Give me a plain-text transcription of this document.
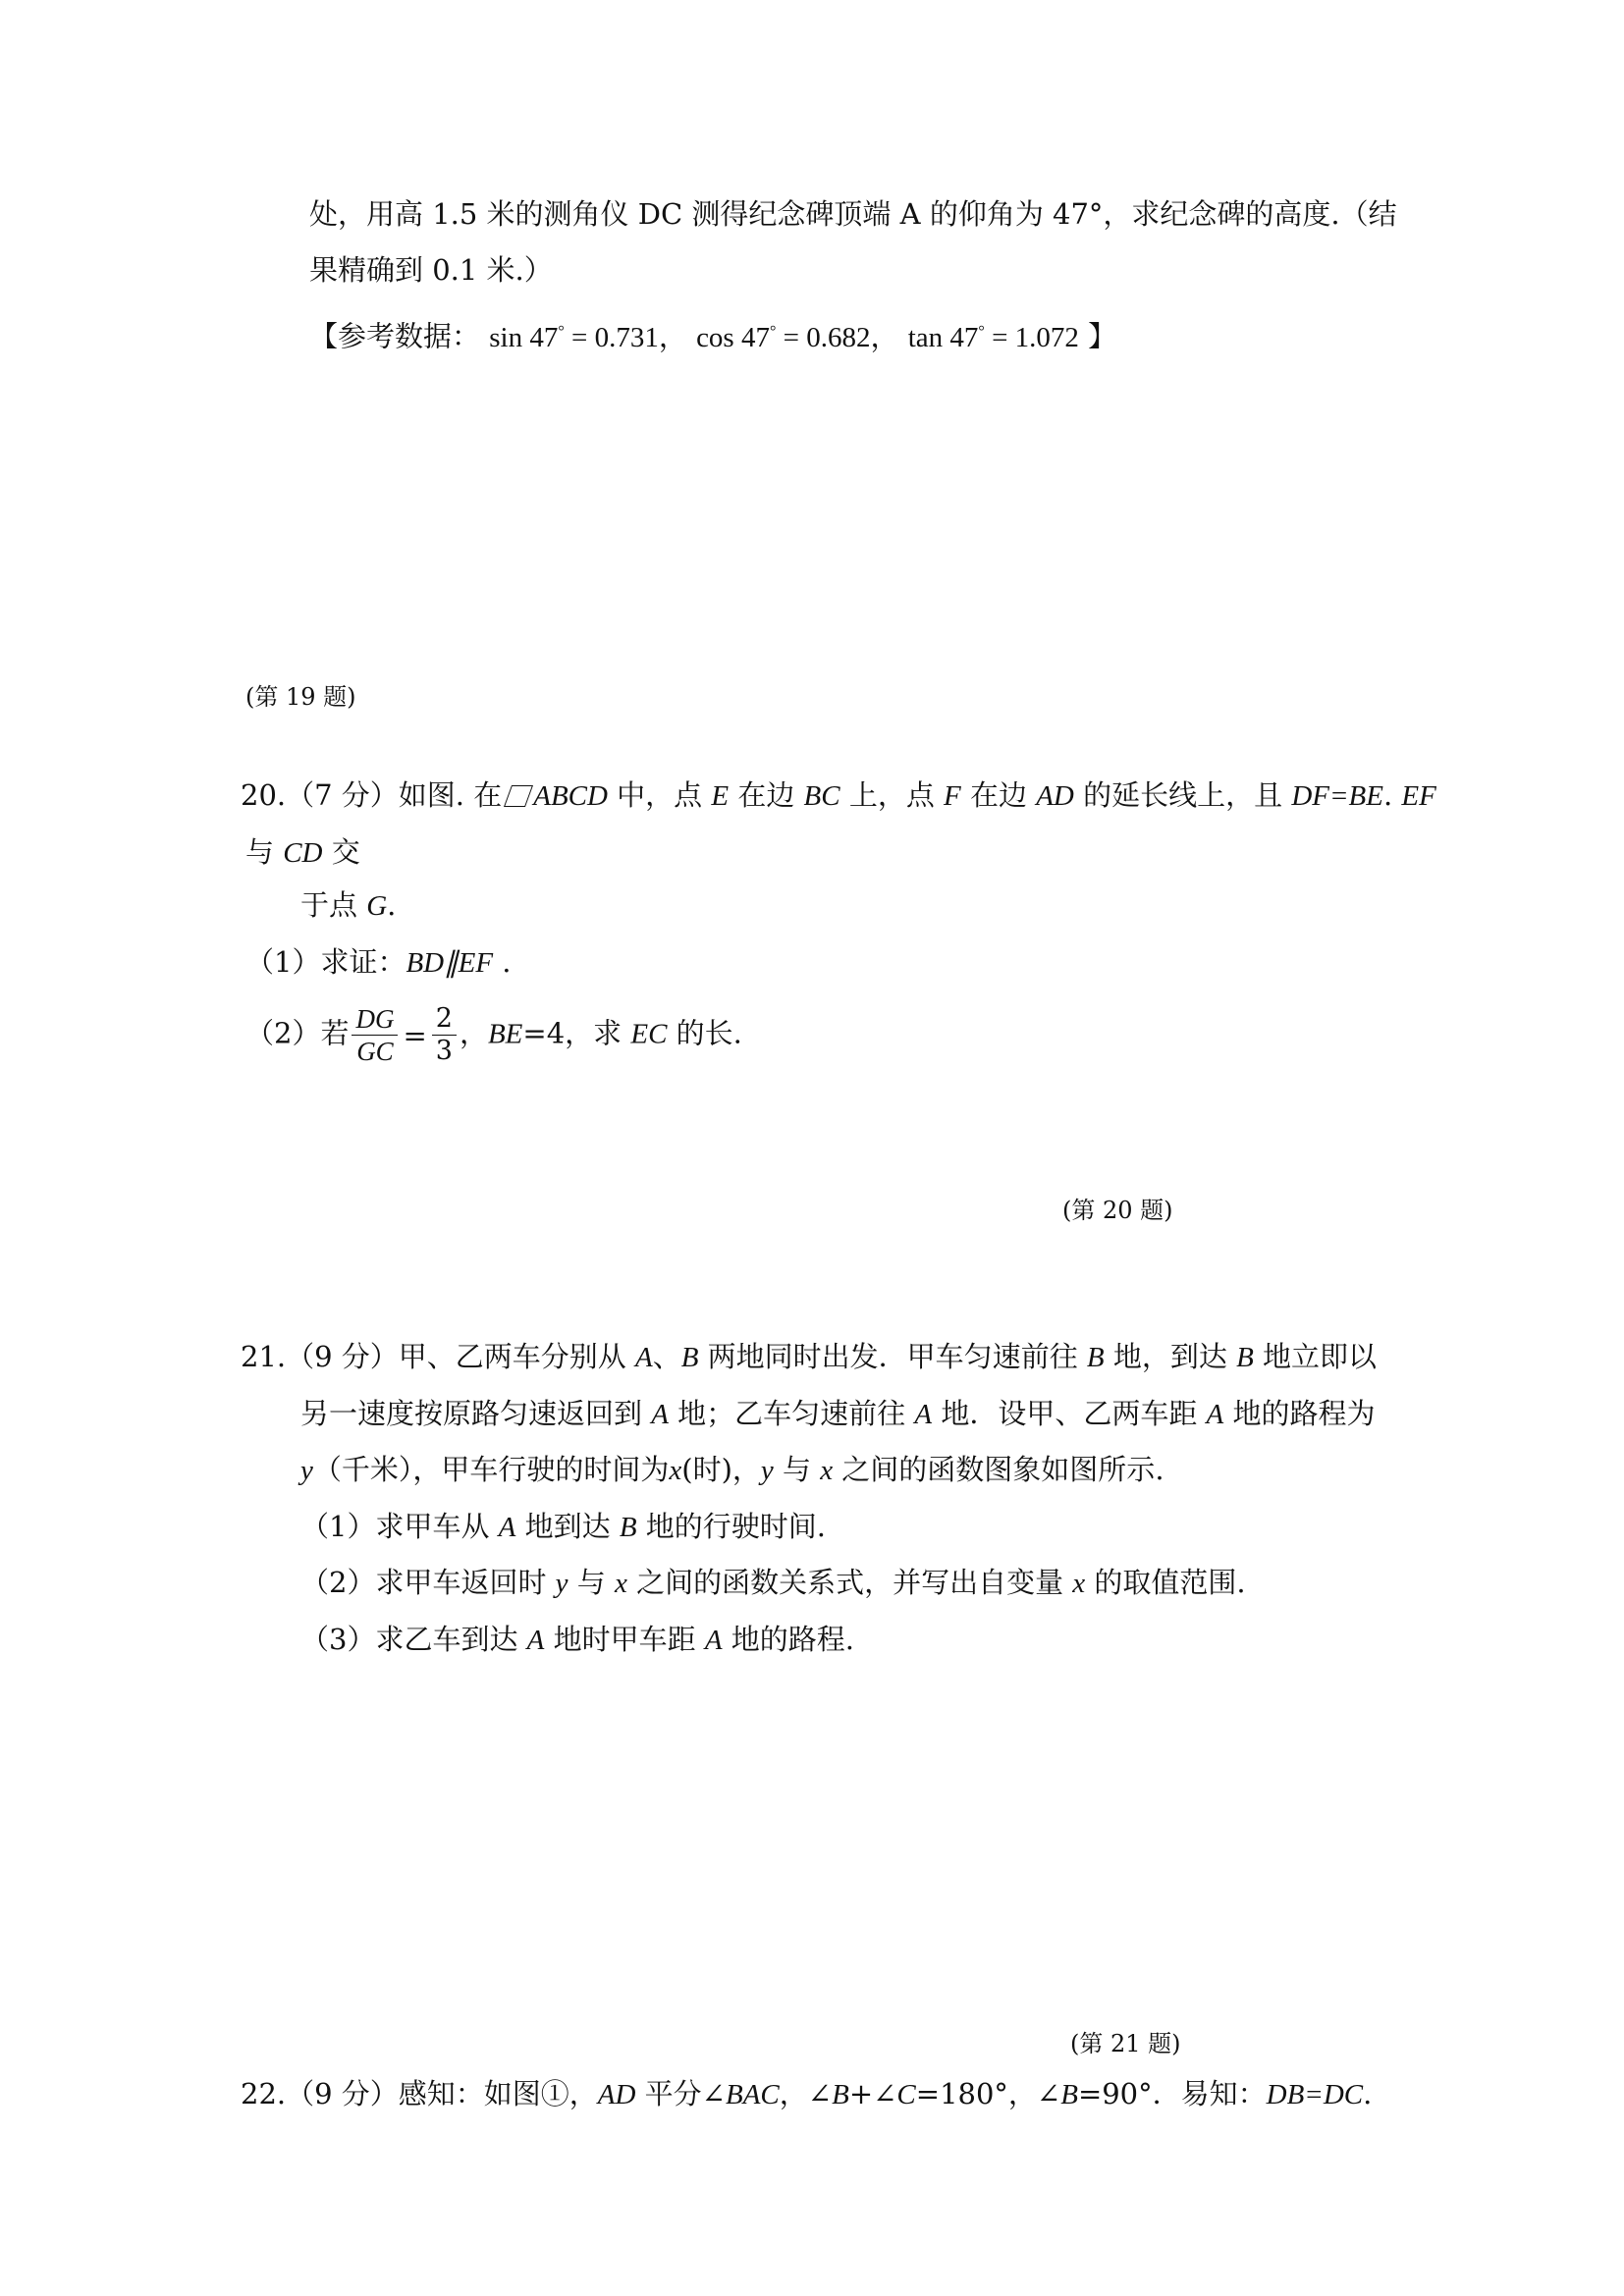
处，用高 1.5 米的测角仪 DC 测得纪念碑顶端 A 的仰角为 47°，求纪念碑的高度.（结
果精确到 0.1 米.）
【参考数据： sin 47° = 0.731， cos 47° = 0.682， tan 47° = 1.072 】
(第 19 题)
20.（7 分）如图. 在 ABCD 中，点 E 在边 BC 上，点 F 在边 AD 的延长线上，且 DF=BE. EF
与 CD 交
于点 G.
（1）求证：BD∥EF .
（2）若 $\frac{DG}{GC} = \frac{2}{3}$ ，BE=4，求 EC 的长.
(第 20 题)
21.（9 分）甲、乙两车分别从 A、B 两地同时出发．甲车匀速前往 B 地，到达 B 地立即以
另一速度按原路匀速返回到 A 地；乙车匀速前往 A 地．设甲、乙两车距 A 地的路程为
y（千米），甲车行驶的时间为x(时)，y 与 x 之间的函数图象如图所示.
（1）求甲车从 A 地到达 B 地的行驶时间.
（2）求甲车返回时 y 与 x 之间的函数关系式，并写出自变量 x 的取值范围.
（3）求乙车到达 A 地时甲车距 A 地的路程.
(第 21 题)
22.（9 分）感知：如图①，AD 平分∠BAC，∠B+∠C=180°，∠B=90°．易知：DB=DC.
